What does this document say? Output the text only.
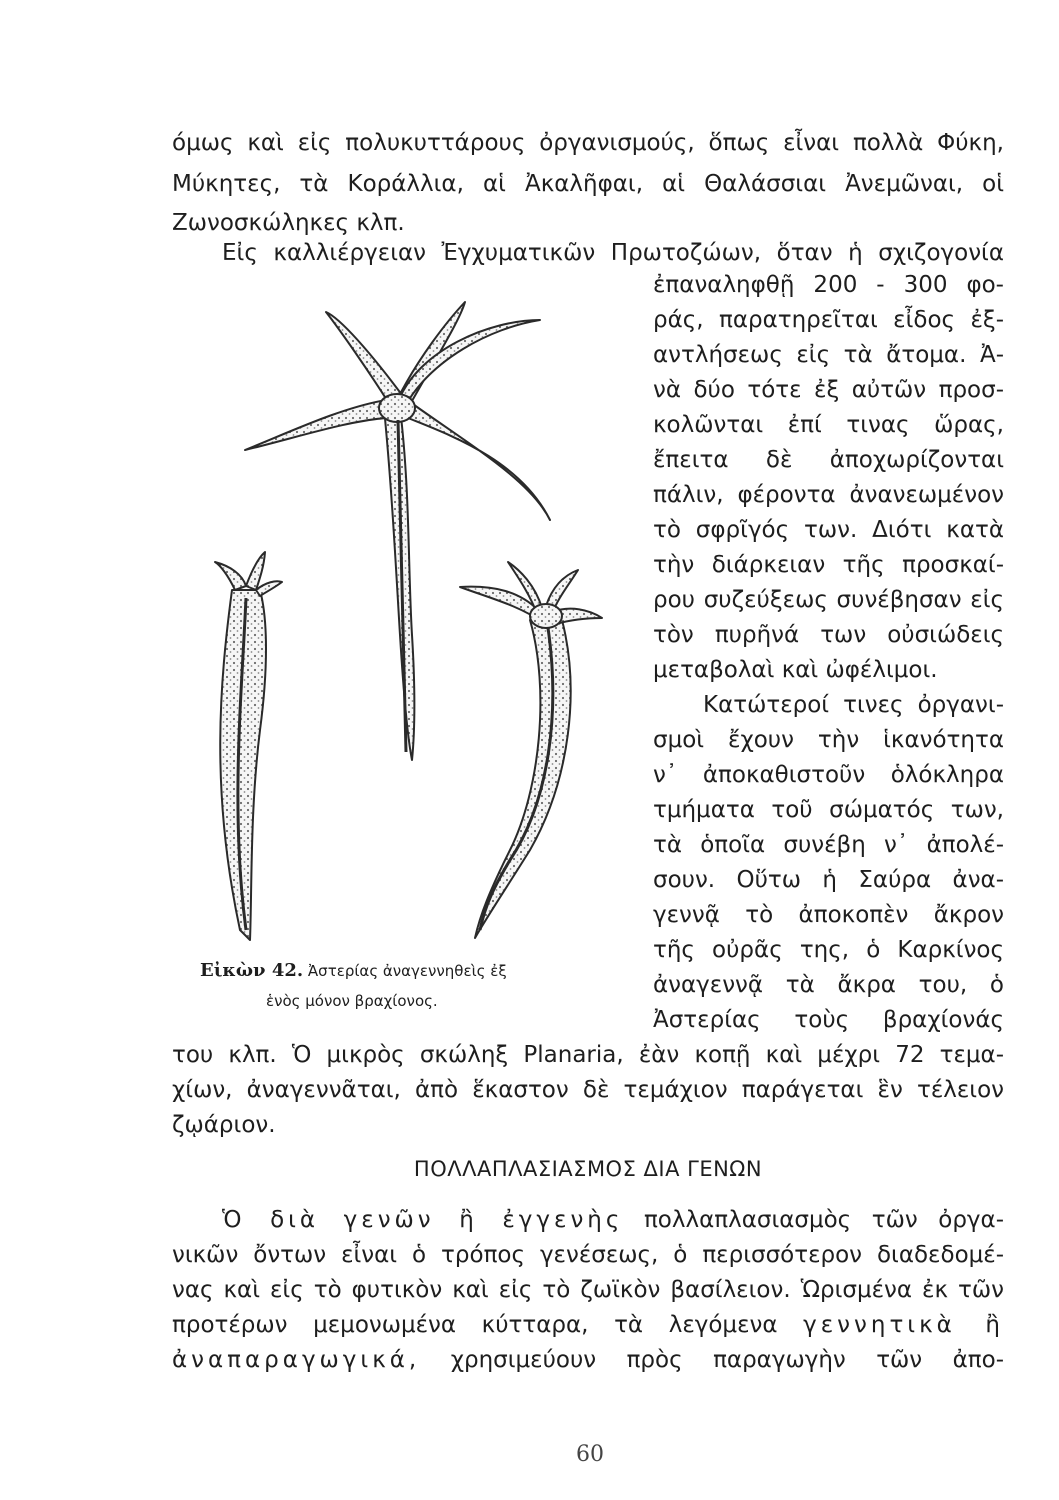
όμως καὶ εἰς πολυκυττάρους ὀργανισμούς, ὅπως εἶναι πολλὰ Φύκη,
Μύκητες, τὰ Κοράλλια, αἱ Ἀκαλῆφαι, αἱ Θαλάσσιαι Ἀνεμῶναι, οἱ
Ζωνοσκώληκες κλπ.
Εἰς καλλιέργειαν Ἐγχυματικῶν Πρωτοζώων, ὅταν ἡ σχιζογονία
ἐπαναληφθῇ 200 - 300 φο-
ράς, παρατηρεῖται εἶδος ἐξ-
αντλήσεως εἰς τὰ ἄτομα. Ἀ-
νὰ δύο τότε ἐξ αὐτῶν προσ-
κολῶνται ἐπί τινας ὥρας,
ἔπειτα δὲ ἀποχωρίζονται
πάλιν, φέροντα ἀνανεωμένον
τὸ σφρῖγός των. Διότι κατὰ
τὴν διάρκειαν τῆς προσκαί-
ρου συζεύξεως συνέβησαν εἰς
τὸν πυρῆνά των οὐσιώδεις
μεταβολαὶ καὶ ὠφέλιμοι.
Κατώτεροί τινες ὀργανι-
σμοὶ ἔχουν τὴν ἱκανότητα
ν᾽ ἀποκαθιστοῦν ὁλόκληρα
τμήματα τοῦ σώματός των,
τὰ ὁποῖα συνέβη ν᾽ ἀπολέ-
σουν. Οὕτω ἡ Σαύρα ἀνα-
γεννᾷ τὸ ἀποκοπὲν ἄκρον
τῆς οὐρᾶς της, ὁ Καρκίνος
ἀναγεννᾷ τὰ ἄκρα του, ὁ
Ἀστερίας τοὺς βραχίονάς
του κλπ. Ὁ μικρὸς σκώληξ Planaria, ἐὰν κοπῇ καὶ μέχρι 72 τεμα-
χίων, ἀναγεννᾶται, ἀπὸ ἕκαστον δὲ τεμάχιον παράγεται ἓν τέλειον
ζῳάριον.
Εἰκὼν 42. Ἀστερίας ἀναγεννηθεὶς ἐξ
ἑνὸς μόνον βραχίονος.
ΠΟΛΛΑΠΛΑΣΙΑΣΜΟΣ ΔΙΑ ΓΕΝΩΝ
Ὁ διὰ γενῶν ἢ ἐγγενὴς πολλαπλασιασμὸς τῶν ὀργα-
νικῶν ὄντων εἶναι ὁ τρόπος γενέσεως, ὁ περισσότερον διαδεδομέ-
νας καὶ εἰς τὸ φυτικὸν καὶ εἰς τὸ ζωϊκὸν βασίλειον. Ὡρισμένα ἐκ τῶν
προτέρων μεμονωμένα κύτταρα, τὰ λεγόμενα γεννητικὰ ἢ
ἀναπαραγωγικά, χρησιμεύουν πρὸς παραγωγὴν τῶν ἀπο-
60
